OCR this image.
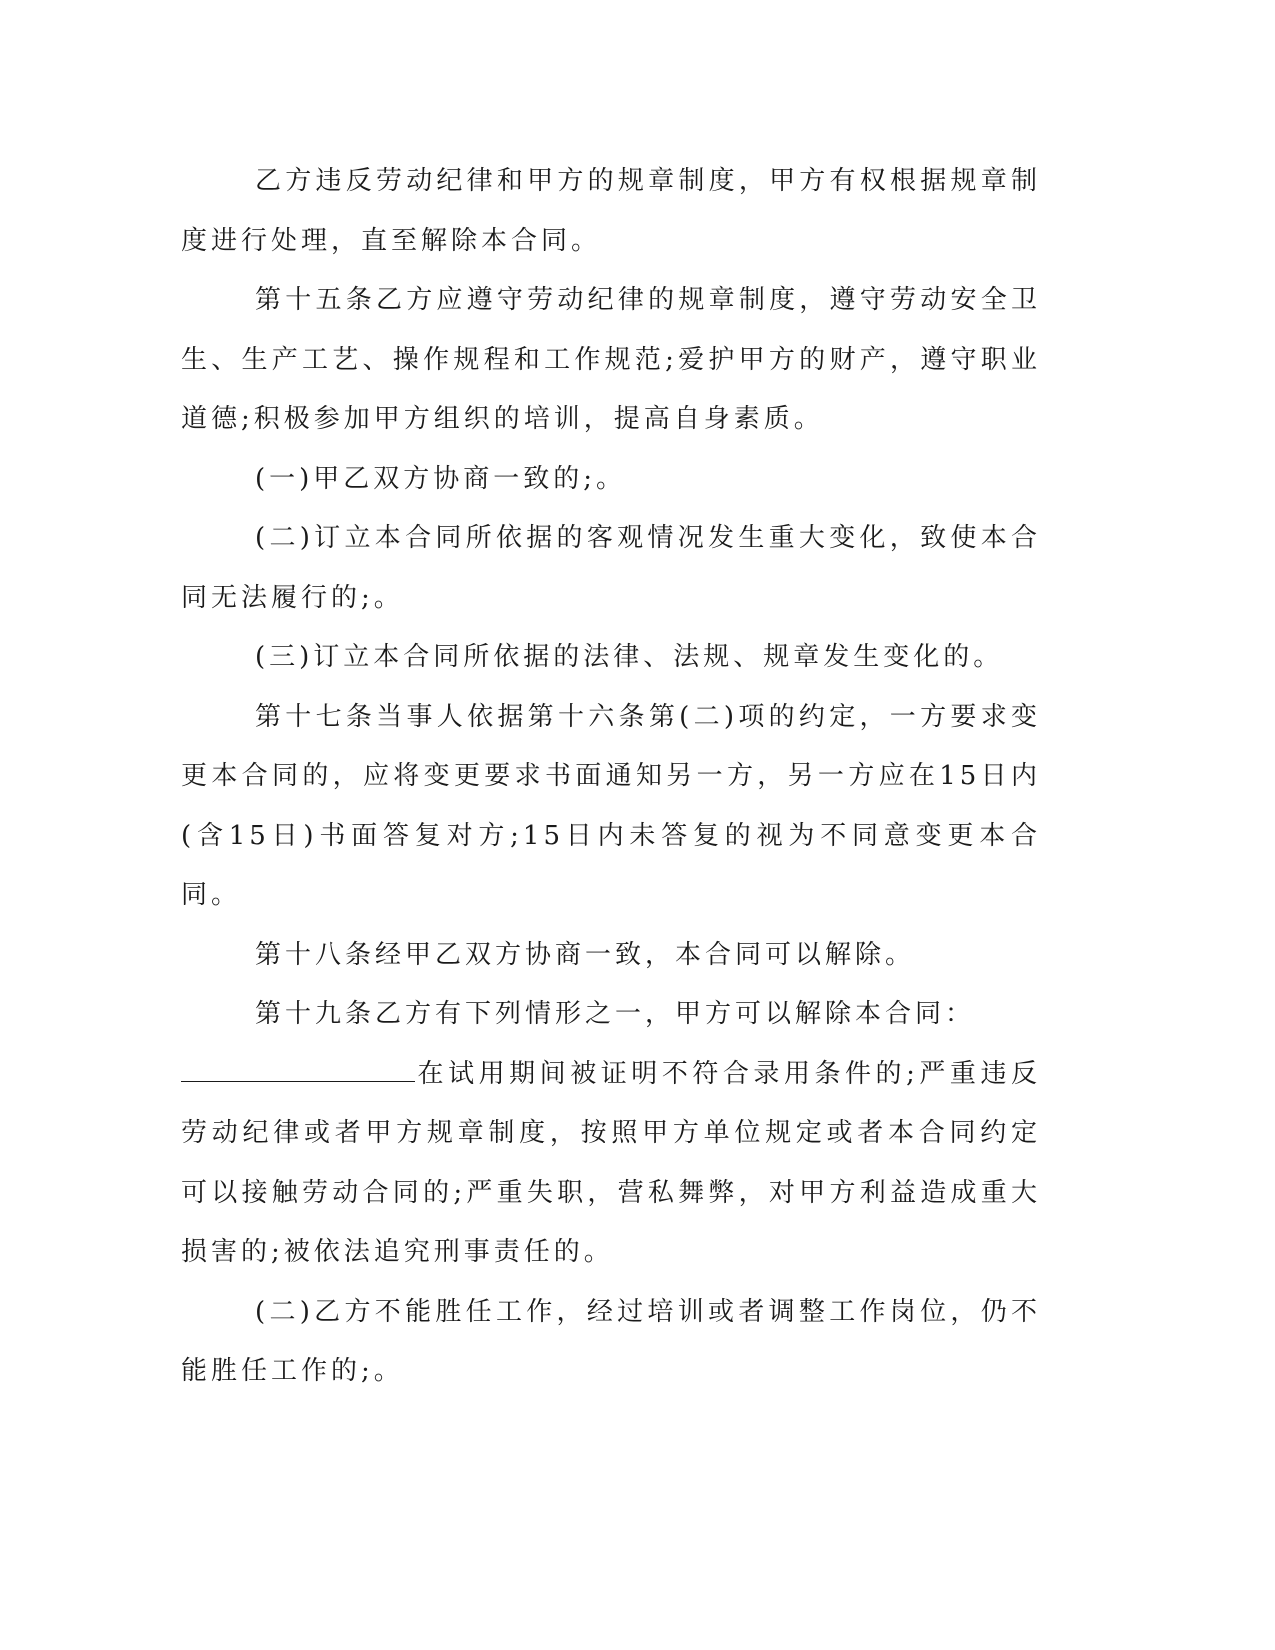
乙方违反劳动纪律和甲方的规章制度，甲方有权根据规章制度进行处理，直至解除本合同。

第十五条乙方应遵守劳动纪律的规章制度，遵守劳动安全卫生、生产工艺、操作规程和工作规范;爱护甲方的财产，遵守职业道德;积极参加甲方组织的培训，提高自身素质。

(一)甲乙双方协商一致的;。

(二)订立本合同所依据的客观情况发生重大变化，致使本合同无法履行的;。

(三)订立本合同所依据的法律、法规、规章发生变化的。

第十七条当事人依据第十六条第(二)项的约定，一方要求变更本合同的，应将变更要求书面通知另一方，另一方应在15日内(含15日)书面答复对方;15日内未答复的视为不同意变更本合同。

第十八条经甲乙双方协商一致，本合同可以解除。

第十九条乙方有下列情形之一，甲方可以解除本合同：

在试用期间被证明不符合录用条件的;严重违反劳动纪律或者甲方规章制度，按照甲方单位规定或者本合同约定可以接触劳动合同的;严重失职，营私舞弊，对甲方利益造成重大损害的;被依法追究刑事责任的。

(二)乙方不能胜任工作，经过培训或者调整工作岗位，仍不能胜任工作的;。
